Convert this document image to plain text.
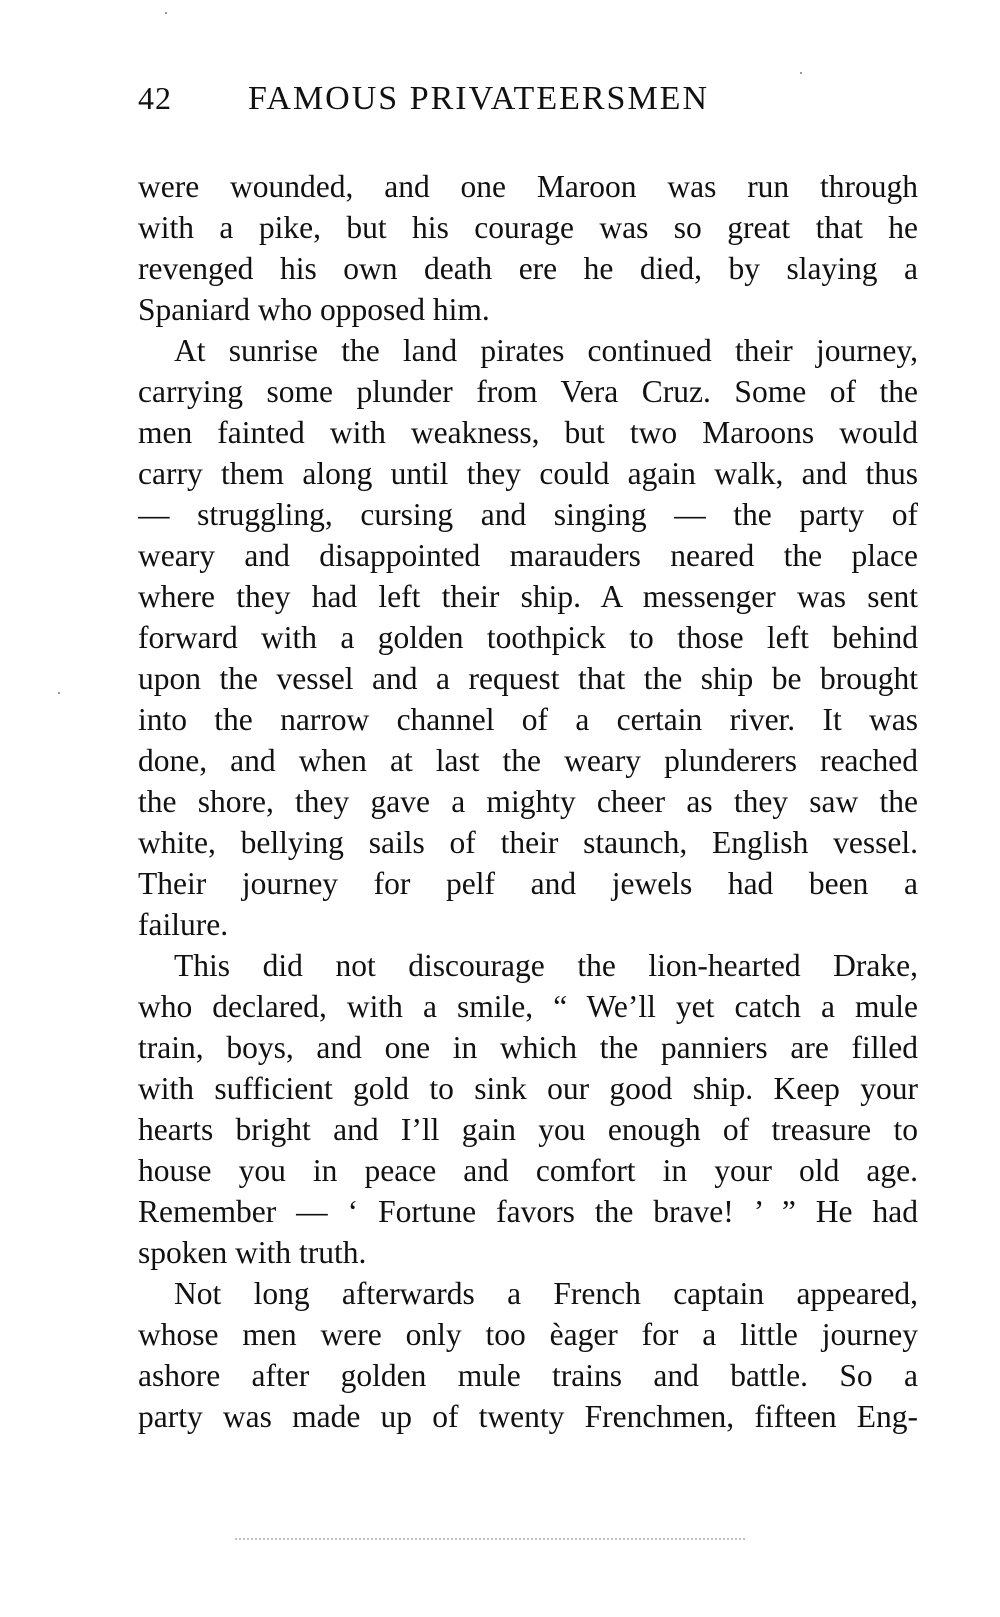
42 FAMOUS PRIVATEERSMEN
were wounded, and one Maroon was run through
with a pike, but his courage was so great that he
revenged his own death ere he died, by slaying a
Spaniard who opposed him.
At sunrise the land pirates continued their journey,
carrying some plunder from Vera Cruz. Some of the
men fainted with weakness, but two Maroons would
carry them along until they could again walk, and thus
— struggling, cursing and singing — the party of
weary and disappointed marauders neared the place
where they had left their ship. A messenger was sent
forward with a golden toothpick to those left behind
upon the vessel and a request that the ship be brought
into the narrow channel of a certain river. It was
done, and when at last the weary plunderers reached
the shore, they gave a mighty cheer as they saw the
white, bellying sails of their staunch, English vessel.
Their journey for pelf and jewels had been a
failure.
This did not discourage the lion-hearted Drake,
who declared, with a smile, “ We’ll yet catch a mule
train, boys, and one in which the panniers are filled
with sufficient gold to sink our good ship. Keep your
hearts bright and I’ll gain you enough of treasure to
house you in peace and comfort in your old age.
Remember — ‘ Fortune favors the brave! ’ ” He had
spoken with truth.
Not long afterwards a French captain appeared,
whose men were only too èager for a little journey
ashore after golden mule trains and battle. So a
party was made up of twenty Frenchmen, fifteen Eng-
